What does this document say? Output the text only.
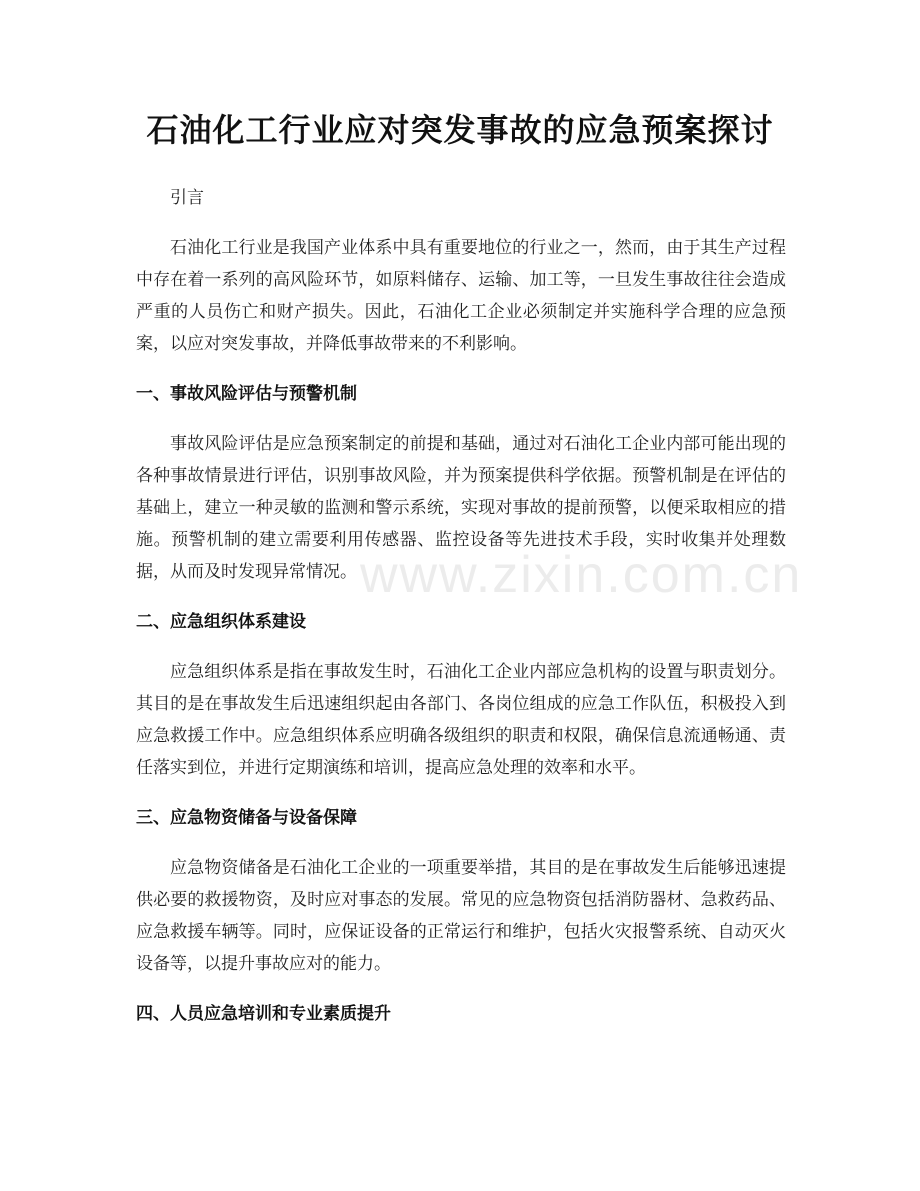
石油化工行业应对突发事故的应急预案探讨
www.zixin.com.cn

引言

石油化工行业是我国产业体系中具有重要地位的行业之一，然而，由于其生产过程中存在着一系列的高风险环节，如原料储存、运输、加工等，一旦发生事故往往会造成严重的人员伤亡和财产损失。因此，石油化工企业必须制定并实施科学合理的应急预案，以应对突发事故，并降低事故带来的不利影响。

一、事故风险评估与预警机制

事故风险评估是应急预案制定的前提和基础，通过对石油化工企业内部可能出现的各种事故情景进行评估，识别事故风险，并为预案提供科学依据。预警机制是在评估的基础上，建立一种灵敏的监测和警示系统，实现对事故的提前预警，以便采取相应的措施。预警机制的建立需要利用传感器、监控设备等先进技术手段，实时收集并处理数据，从而及时发现异常情况。

二、应急组织体系建设

应急组织体系是指在事故发生时，石油化工企业内部应急机构的设置与职责划分。其目的是在事故发生后迅速组织起由各部门、各岗位组成的应急工作队伍，积极投入到应急救援工作中。应急组织体系应明确各级组织的职责和权限，确保信息流通畅通、责任落实到位，并进行定期演练和培训，提高应急处理的效率和水平。

三、应急物资储备与设备保障

应急物资储备是石油化工企业的一项重要举措，其目的是在事故发生后能够迅速提供必要的救援物资，及时应对事态的发展。常见的应急物资包括消防器材、急救药品、应急救援车辆等。同时，应保证设备的正常运行和维护，包括火灾报警系统、自动灭火设备等，以提升事故应对的能力。

四、人员应急培训和专业素质提升
